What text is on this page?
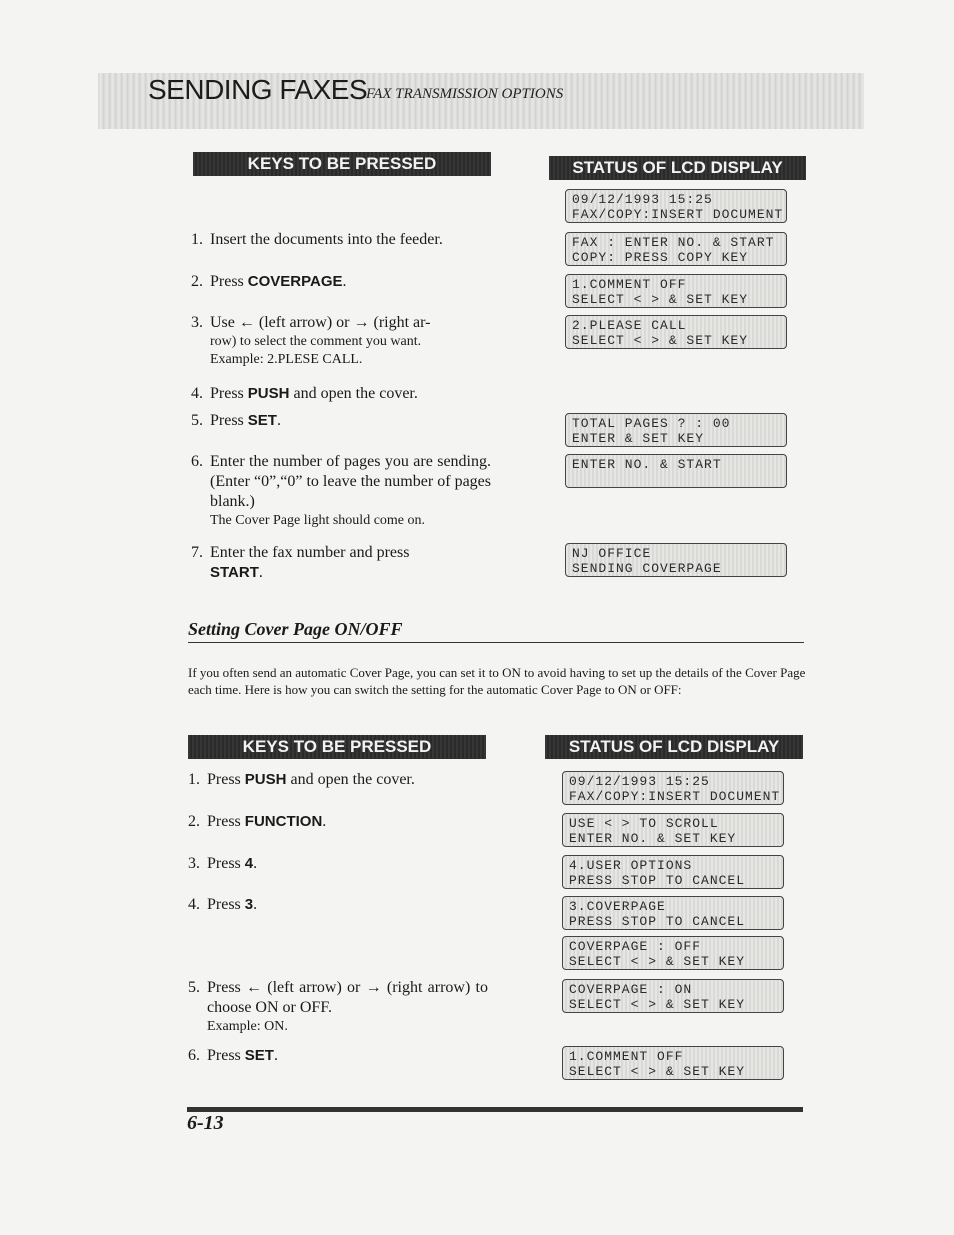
SENDING FAXES
FAX TRANSMISSION OPTIONS
KEYS TO BE PRESSED	STATUS OF LCD DISPLAY
1. Insert the documents into the feeder.
2. Press COVERPAGE.
3. Use ← (left arrow) or → (right ar-
row) to select the comment you want.
Example: 2.PLESE CALL.
4. Press PUSH and open the cover.
5. Press SET.
6. Enter the number of pages you are sending. (Enter “0”,“0” to leave the number of pages blank.)
The Cover Page light should come on.
7. Enter the fax number and press
START.
09/12/1993 15:25
FAX/COPY:INSERT DOCUMENT
FAX : ENTER NO. & START
COPY: PRESS COPY KEY
1.COMMENT OFF
SELECT < > & SET KEY
2.PLEASE CALL
SELECT < > & SET KEY
TOTAL PAGES ? : 00
ENTER & SET KEY
ENTER NO. & START
NJ OFFICE
SENDING COVERPAGE
Setting Cover Page ON/OFF
If you often send an automatic Cover Page, you can set it to ON to avoid having to set up the details of the Cover Page each time. Here is how you can switch the setting for the automatic Cover Page to ON or OFF:
KEYS TO BE PRESSED	STATUS OF LCD DISPLAY
1. Press PUSH and open the cover.
2. Press FUNCTION.
3. Press 4.
4. Press 3.
5. Press ← (left arrow) or → (right arrow) to choose ON or OFF.
Example: ON.
6. Press SET.
09/12/1993 15:25
FAX/COPY:INSERT DOCUMENT
USE < > TO SCROLL
ENTER NO. & SET KEY
4.USER OPTIONS
PRESS STOP TO CANCEL
3.COVERPAGE
PRESS STOP TO CANCEL
COVERPAGE : OFF
SELECT < > & SET KEY
COVERPAGE : ON
SELECT < > & SET KEY
1.COMMENT OFF
SELECT < > & SET KEY
6-13
